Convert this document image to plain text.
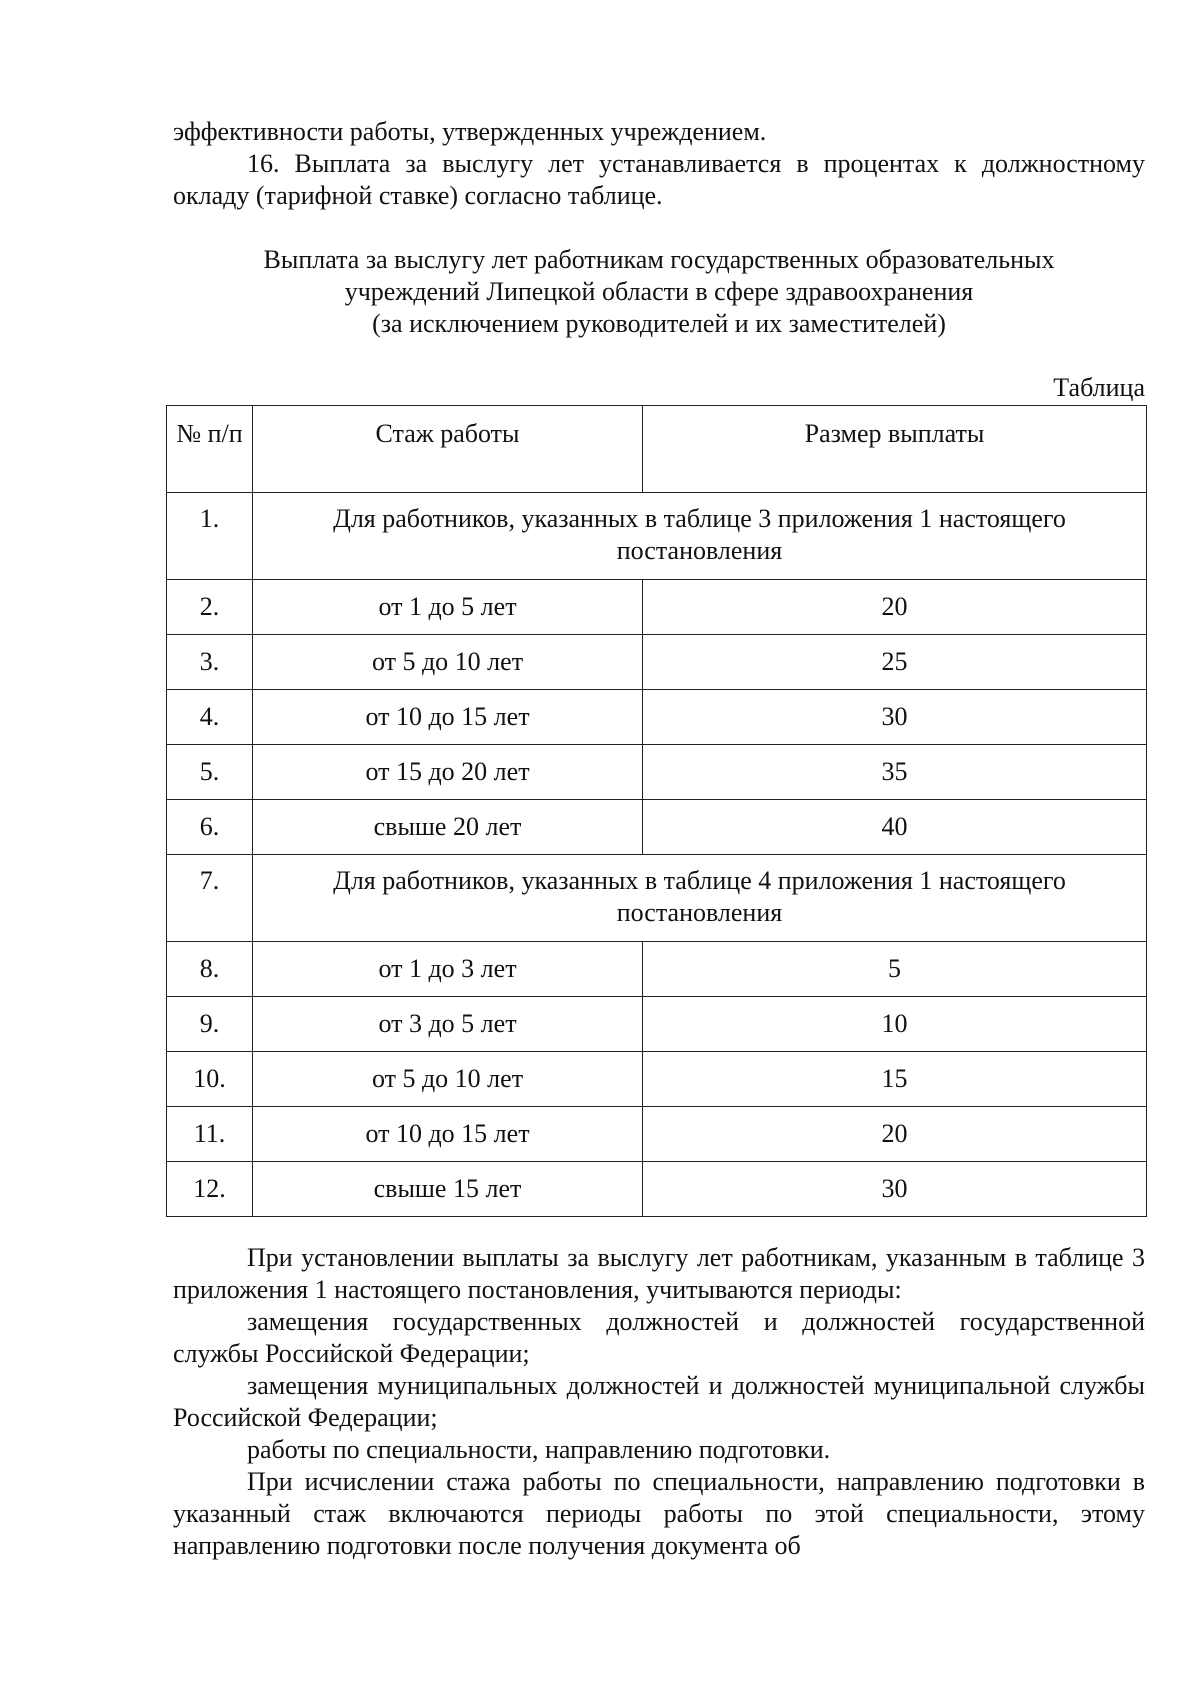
эффективности работы, утвержденных учреждением.

16. Выплата за выслугу лет устанавливается в процентах к должностному окладу (тарифной ставке) согласно таблице.

Выплата за выслугу лет работникам государственных образовательных

учреждений Липецкой области в сфере здравоохранения

(за исключением руководителей и их заместителей)

Таблица
№ п/п	Стаж работы	Размер выплаты
1.	Для работников, указанных в таблице 3 приложения 1 настоящего постановления	
2.	от 1 до 5 лет	20
3.	от 5 до 10 лет	25
4.	от 10 до 15 лет	30
5.	от 15 до 20 лет	35
6.	свыше 20 лет	40
7.	Для работников, указанных в таблице 4 приложения 1 настоящего постановления	
8.	от 1 до 3 лет	5
9.	от 3 до 5 лет	10
10.	от 5 до 10 лет	15
11.	от 10 до 15 лет	20
12.	свыше 15 лет	30

При установлении выплаты за выслугу лет работникам, указанным в таблице 3 приложения 1 настоящего постановления, учитываются периоды:

замещения государственных должностей и должностей государственной службы Российской Федерации;

замещения муниципальных должностей и должностей муниципальной службы Российской Федерации;

работы по специальности, направлению подготовки.

При исчислении стажа работы по специальности, направлению подготовки в указанный стаж включаются периоды работы по этой специальности, этому направлению подготовки после получения документа об
